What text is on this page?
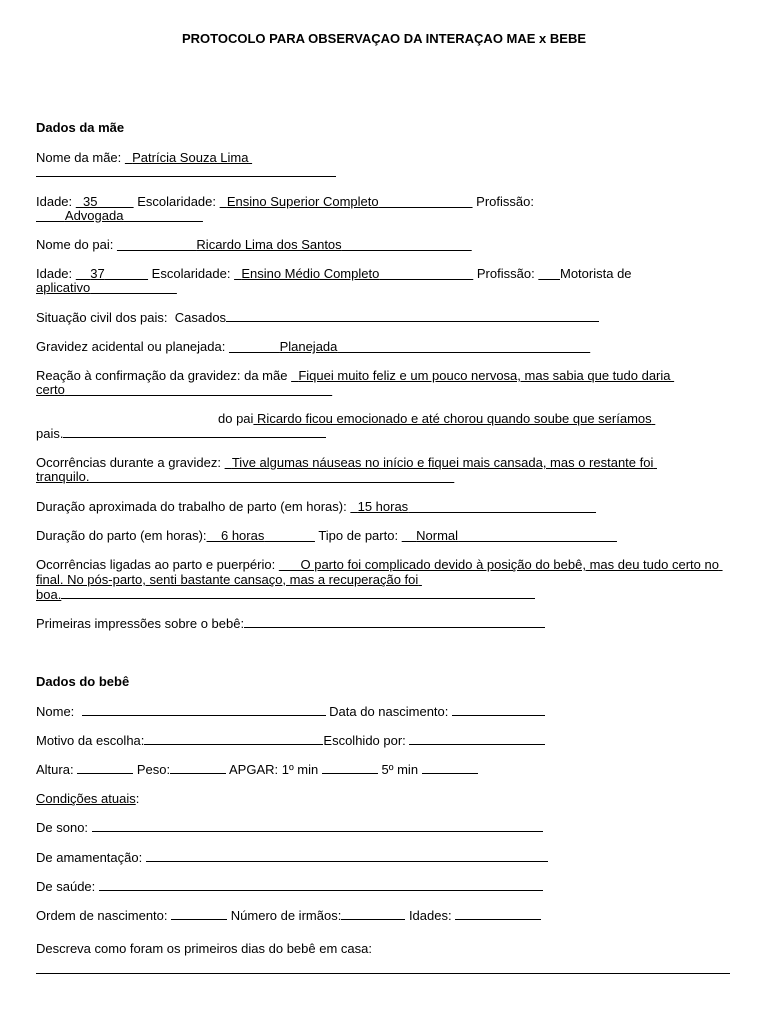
PROTOCOLO PARA OBSERVAÇAO DA INTERAÇAO MAE x BEBE
Dados da mãe
Nome da mãe: Patrícia Souza Lima
Idade: 35	Escolaridade: Ensino Superior Completo	Profissão:
Advogada
Nome do pai:	Ricardo Lima dos Santos
Idade: 37	Escolaridade: Ensino Médio Completo	Profissão: Motorista de
aplicativo
Situação civil dos pais: Casados
Gravidez acidental ou planejada:	Planejada
Reação à confirmação da gravidez: da mãe Fiquei muito feliz e um pouco nervosa, mas sabia que tudo daria
certo
do pai Ricardo ficou emocionado e até chorou quando soube que seríamos
pais.
Ocorrências durante a gravidez: Tive algumas náuseas no início e fiquei mais cansada, mas o restante foi
tranquilo.
Duração aproximada do trabalho de parto (em horas): 15 horas
Duração do parto (em horas): 6 horas	Tipo de parto: Normal
Ocorrências ligadas ao parto e puerpério: O parto foi complicado devido à posição do bebê, mas deu tudo certo no
final. No pós-parto, senti bastante cansaço, mas a recuperação foi
boa.
Primeiras impressões sobre o bebê:
Dados do bebê
Nome:	Data do nascimento:
Motivo da escolha:	Escolhido por:
Altura:	Peso:	APGAR: 1º min	5º min
Condições atuais:
De sono:
De amamentação:
De saúde:
Ordem de nascimento:	Número de irmãos:	Idades:
Descreva como foram os primeiros dias do bebê em casa:
